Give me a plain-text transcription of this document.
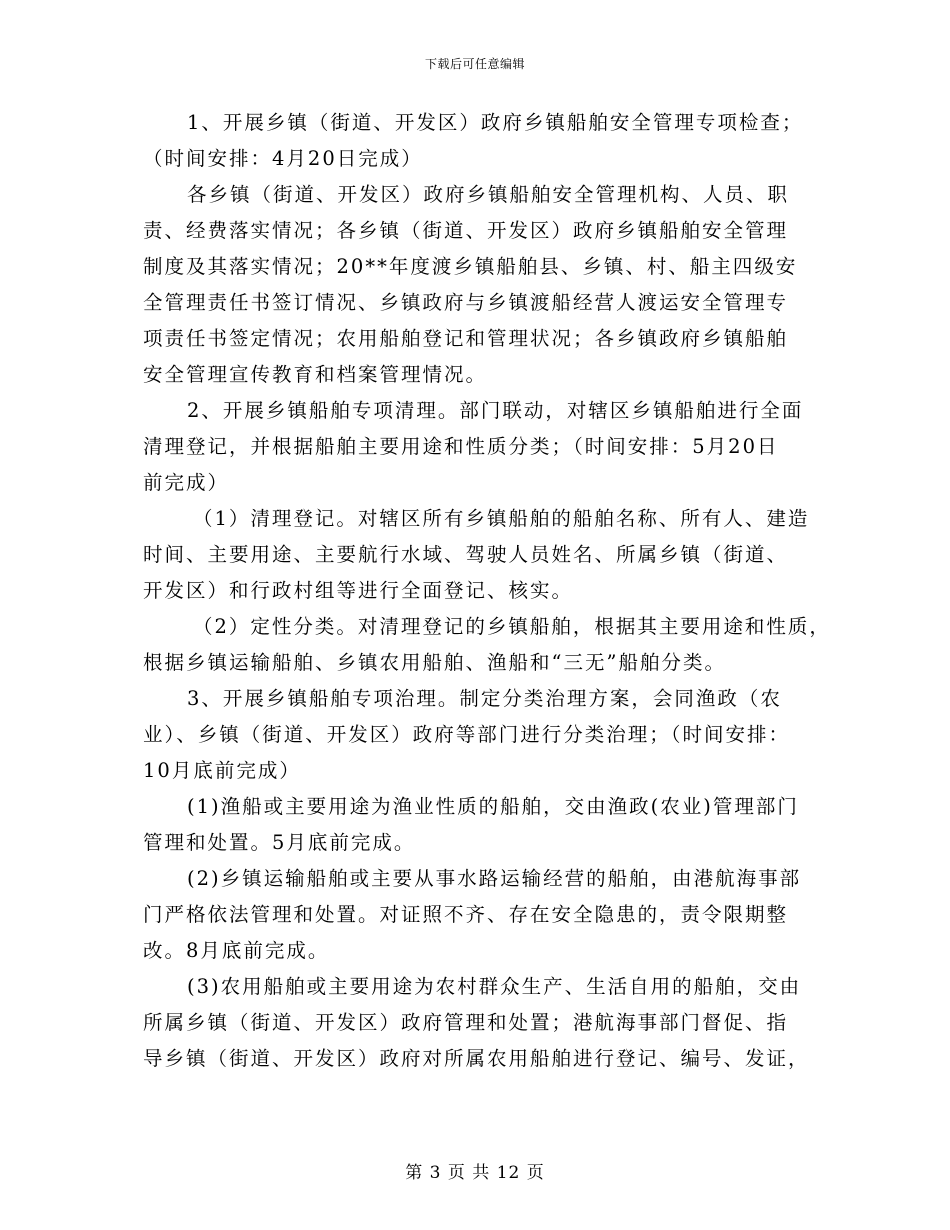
下载后可任意编辑
1、开展乡镇（街道、开发区）政府乡镇船舶安全管理专项检查；
（时间安排：4月20日完成）
各乡镇（街道、开发区）政府乡镇船舶安全管理机构、人员、职
责、经费落实情况；各乡镇（街道、开发区）政府乡镇船舶安全管理
制度及其落实情况；20**年度渡乡镇船舶县、乡镇、村、船主四级安
全管理责任书签订情况、乡镇政府与乡镇渡船经营人渡运安全管理专
项责任书签定情况；农用船舶登记和管理状况；各乡镇政府乡镇船舶
安全管理宣传教育和档案管理情况。
2、开展乡镇船舶专项清理。部门联动，对辖区乡镇船舶进行全面
清理登记，并根据船舶主要用途和性质分类；（时间安排：5月20日
前完成）
（1）清理登记。对辖区所有乡镇船舶的船舶名称、所有人、建造
时间、主要用途、主要航行水域、驾驶人员姓名、所属乡镇（街道、
开发区）和行政村组等进行全面登记、核实。
（2）定性分类。对清理登记的乡镇船舶，根据其主要用途和性质，
根据乡镇运输船舶、乡镇农用船舶、渔船和“三无”船舶分类。
3、开展乡镇船舶专项治理。制定分类治理方案，会同渔政（农
业）、乡镇（街道、开发区）政府等部门进行分类治理；（时间安排：
10月底前完成）
(1)渔船或主要用途为渔业性质的船舶，交由渔政(农业)管理部门
管理和处置。5月底前完成。
(2)乡镇运输船舶或主要从事水路运输经营的船舶，由港航海事部
门严格依法管理和处置。对证照不齐、存在安全隐患的，责令限期整
改。8月底前完成。
(3)农用船舶或主要用途为农村群众生产、生活自用的船舶，交由
所属乡镇（街道、开发区）政府管理和处置；港航海事部门督促、指
导乡镇（街道、开发区）政府对所属农用船舶进行登记、编号、发证，
第 3 页 共 12 页
